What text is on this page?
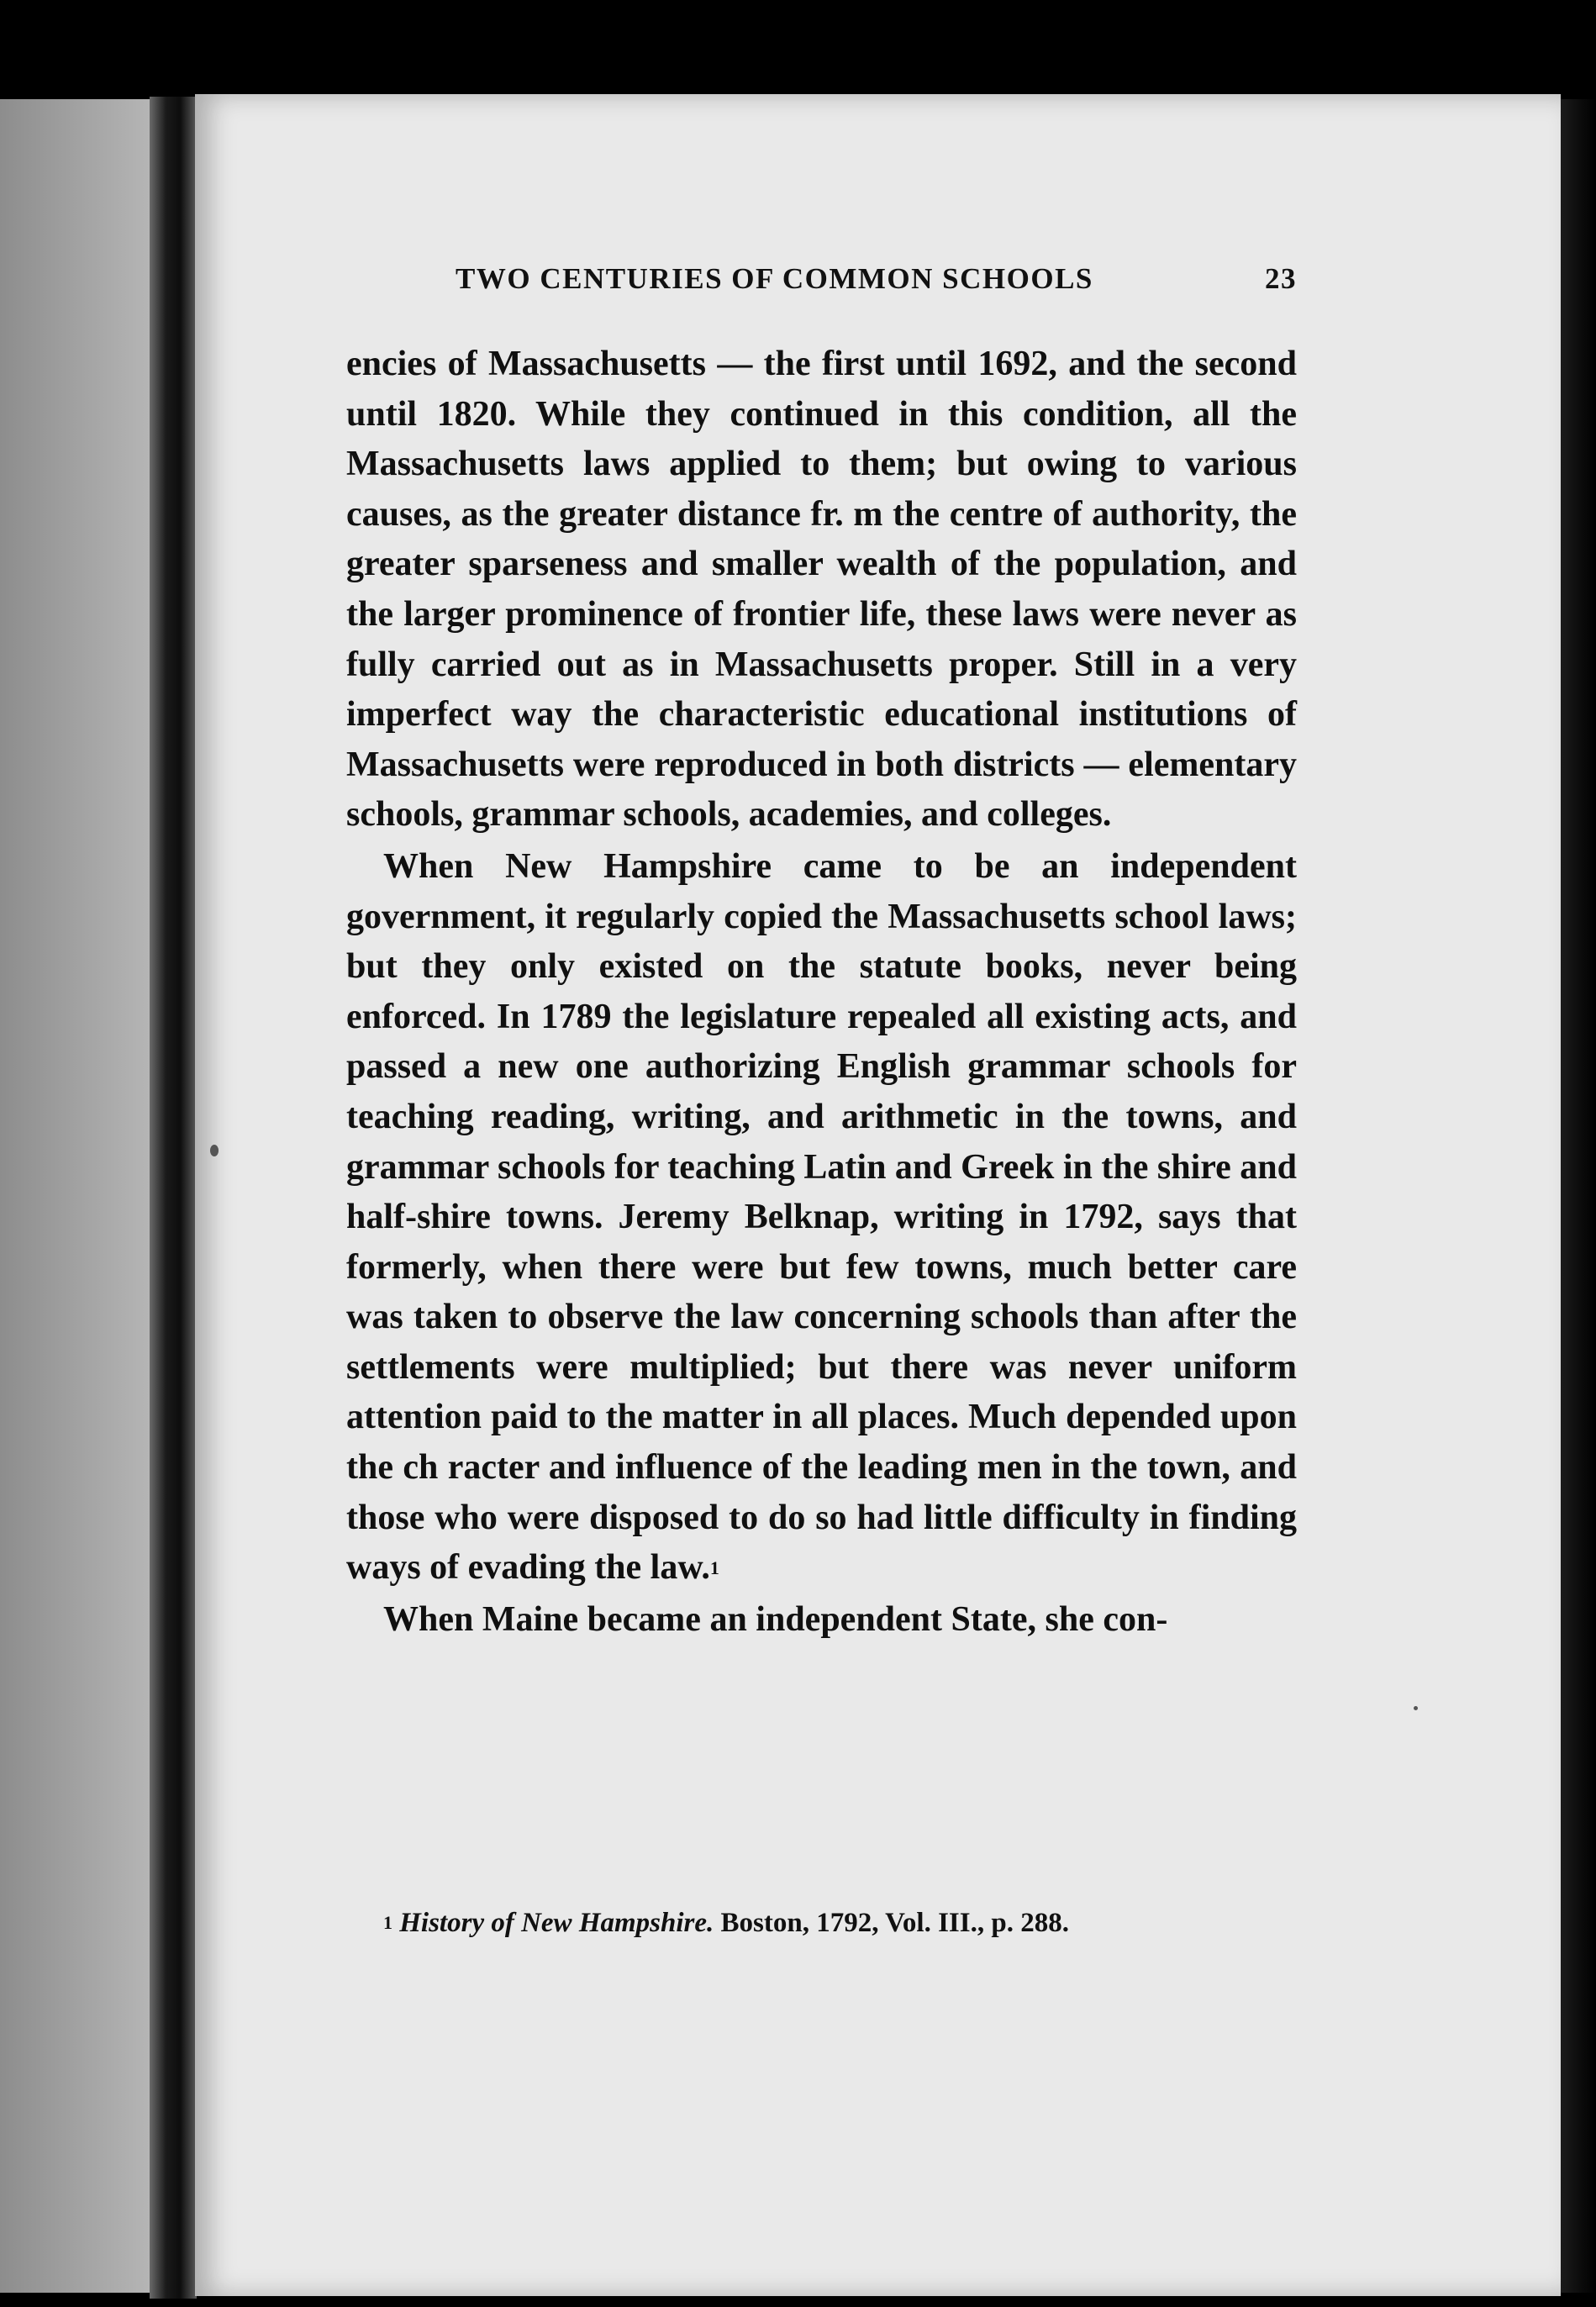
TWO CENTURIES OF COMMON SCHOOLS	23

encies of Massachusetts — the first until 1692, and the second until 1820. While they continued in this condition, all the Massachusetts laws applied to them; but owing to various causes, as the greater distance fr. m the centre of authority, the greater sparseness and smaller wealth of the population, and the larger prominence of frontier life, these laws were never as fully carried out as in Massachusetts proper. Still in a very imperfect way the characteristic educational institutions of Massachusetts were reproduced in both districts — elementary schools, grammar schools, academies, and colleges.

When New Hampshire came to be an independent government, it regularly copied the Massachusetts school laws; but they only existed on the statute books, never being enforced. In 1789 the legislature repealed all existing acts, and passed a new one authorizing English grammar schools for teaching reading, writing, and arithmetic in the towns, and grammar schools for teaching Latin and Greek in the shire and half-shire towns. Jeremy Belknap, writing in 1792, says that formerly, when there were but few towns, much better care was taken to observe the law concerning schools than after the settlements were multiplied; but there was never uniform attention paid to the matter in all places. Much depended upon the ch racter and influence of the leading men in the town, and those who were disposed to do so had little difficulty in finding ways of evading the law.$^1$

When Maine became an independent State, she con-

$^1$ History of New Hampshire. Boston, 1792, Vol. III., p. 288.
